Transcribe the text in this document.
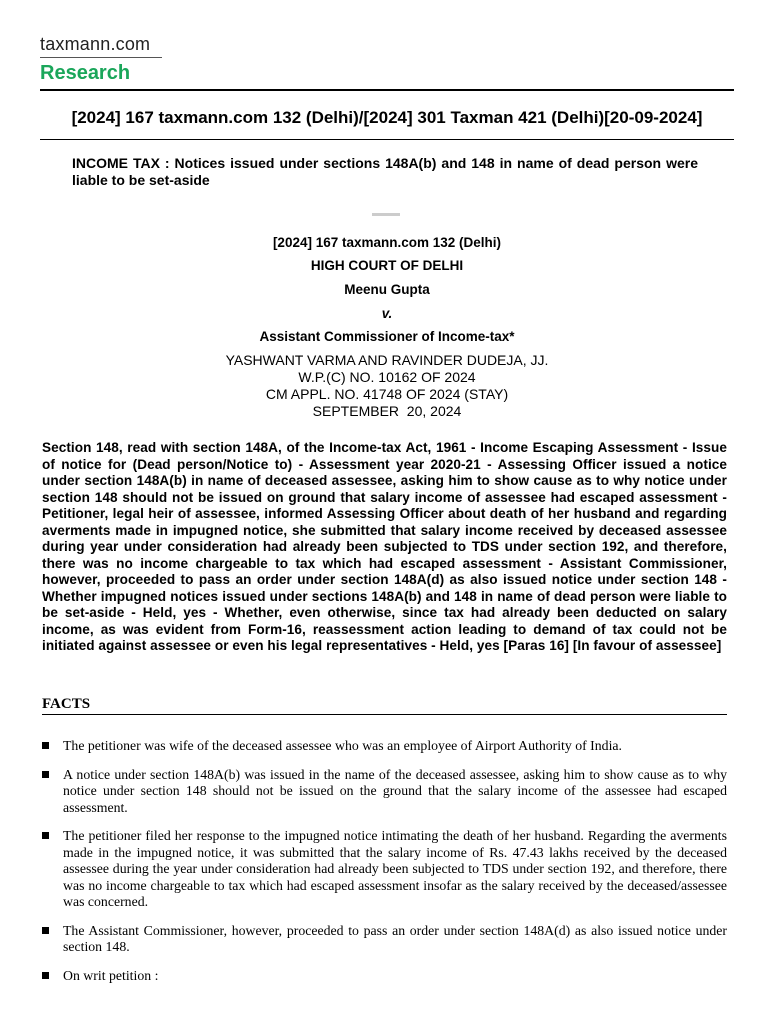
taxmann.com
Research
[2024] 167 taxmann.com 132 (Delhi)/[2024] 301 Taxman 421 (Delhi)[20-09-2024]
INCOME TAX : Notices issued under sections 148A(b) and 148 in name of dead person were liable to be set-aside
▬▬▬
[2024] 167 taxmann.com 132 (Delhi)
HIGH COURT OF DELHI
Meenu Gupta
v.
Assistant Commissioner of Income-tax*
YASHWANT VARMA AND RAVINDER DUDEJA, JJ.
W.P.(C) NO. 10162 OF 2024
CM APPL. NO. 41748 OF 2024 (STAY)
SEPTEMBER  20, 2024
Section 148, read with section 148A, of the Income-tax Act, 1961 - Income Escaping Assessment - Issue of notice for (Dead person/Notice to) - Assessment year 2020-21 - Assessing Officer issued a notice under section 148A(b) in name of deceased assessee, asking him to show cause as to why notice under section 148 should not be issued on ground that salary income of assessee had escaped assessment - Petitioner, legal heir of assessee, informed Assessing Officer about death of her husband and regarding averments made in impugned notice, she submitted that salary income received by deceased assessee during year under consideration had already been subjected to TDS under section 192, and therefore, there was no income chargeable to tax which had escaped assessment - Assistant Commissioner, however, proceeded to pass an order under section 148A(d) as also issued notice under section 148 - Whether impugned notices issued under sections 148A(b) and 148 in name of dead person were liable to be set-aside - Held, yes - Whether, even otherwise, since tax had already been deducted on salary income, as was evident from Form-16, reassessment action leading to demand of tax could not be initiated against assessee or even his legal representatives - Held, yes [Paras 16] [In favour of assessee]
FACTS
The petitioner was wife of the deceased assessee who was an employee of Airport Authority of India.
A notice under section 148A(b) was issued in the name of the deceased assessee, asking him to show cause as to why notice under section 148 should not be issued on the ground that the salary income of the assessee had escaped assessment.
The petitioner filed her response to the impugned notice intimating the death of her husband. Regarding the averments made in the impugned notice, it was submitted that the salary income of Rs. 47.43 lakhs received by the deceased assessee during the year under consideration had already been subjected to TDS under section 192, and therefore, there was no income chargeable to tax which had escaped assessment insofar as the salary received by the deceased/assessee was concerned.
The Assistant Commissioner, however, proceeded to pass an order under section 148A(d) as also issued notice under section 148.
On writ petition :
